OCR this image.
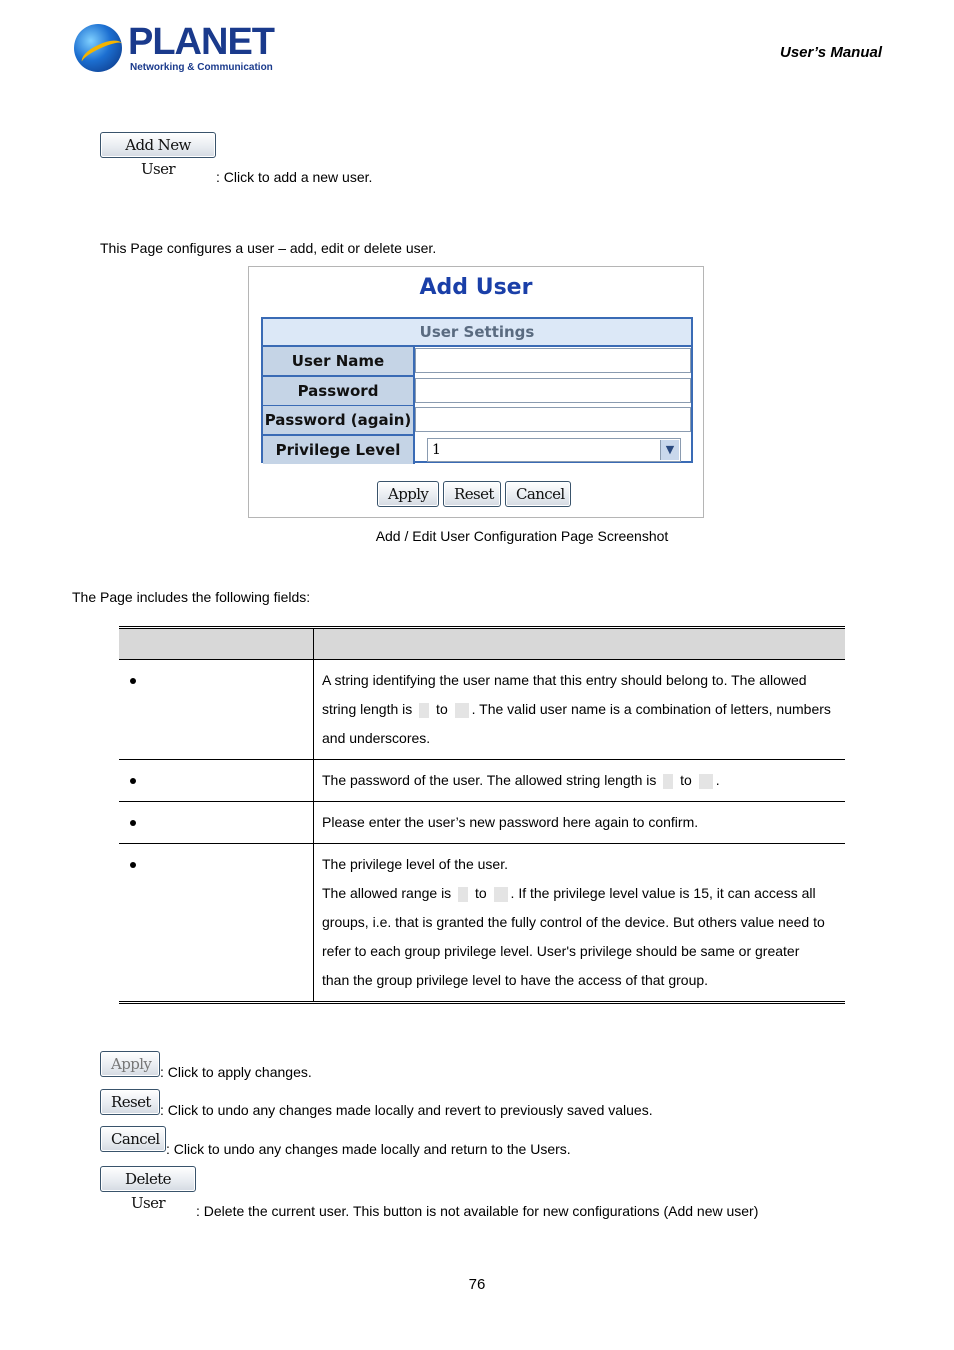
PLANET
Networking & Communication
User’s Manual
Add New User	: Click to add a new user.
This Page configures a user – add, edit or delete user.
Add User
User Settings
User Name
Password
Password (again)
Privilege Level	1	▼
Apply Reset Cancel
Add / Edit User Configuration Page Screenshot
The Page includes the following fields:

	A string identifying the user name that this entry should belong to. The allowed
string length is  to . The valid user name is a combination of letters, numbers
and underscores.

	The password of the user. The allowed string length is  to .

	Please enter the user’s new password here again to confirm.

	The privilege level of the user.
The allowed range is  to . If the privilege level value is 15, it can access all
groups, i.e. that is granted the fully control of the device. But others value need to
refer to each group privilege level. User's privilege should be same or greater
than the group privilege level to have the access of that group.
Apply : Click to apply changes.
Reset : Click to undo any changes made locally and revert to previously saved values.
Cancel: Click to undo any changes made locally and return to the Users.
Delete User : Delete the current user. This button is not available for new configurations (Add new user)
76
